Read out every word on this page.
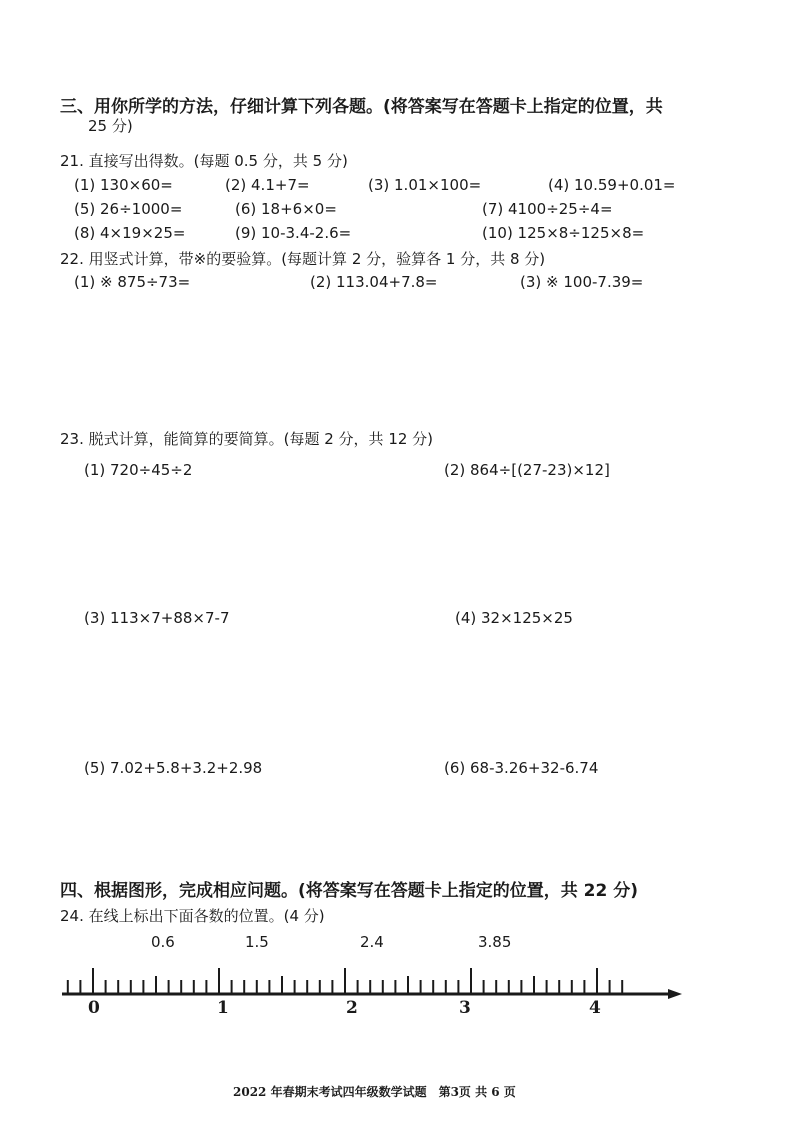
三、用你所学的方法，仔细计算下列各题。(将答案写在答题卡上指定的位置，共
25 分)
21. 直接写出得数。(每题 0.5 分，共 5 分)
(1) 130×60=	(2) 4.1+7=	(3) 1.01×100=	(4) 10.59+0.01=
(5) 26÷1000=	(6) 18+6×0=	(7) 4100÷25÷4=
(8) 4×19×25=	(9) 10-3.4-2.6=	(10) 125×8÷125×8=
22. 用竖式计算，带※的要验算。(每题计算 2 分，验算各 1 分，共 8 分)
(1) ※ 875÷73=	(2) 113.04+7.8=	(3) ※ 100-7.39=
23. 脱式计算，能简算的要简算。(每题 2 分，共 12 分)
(1) 720÷45÷2	(2) 864÷[(27-23)×12]
(3) 113×7+88×7-7	(4) 32×125×25
(5) 7.02+5.8+3.2+2.98	(6) 68-3.26+32-6.74
四、根据图形，完成相应问题。(将答案写在答题卡上指定的位置，共 22 分)
24. 在线上标出下面各数的位置。(4 分)
0.6	1.5	2.4	3.85
0	1	2	3	4
2022 年春期末考试四年级数学试题　第3页 共 6 页
